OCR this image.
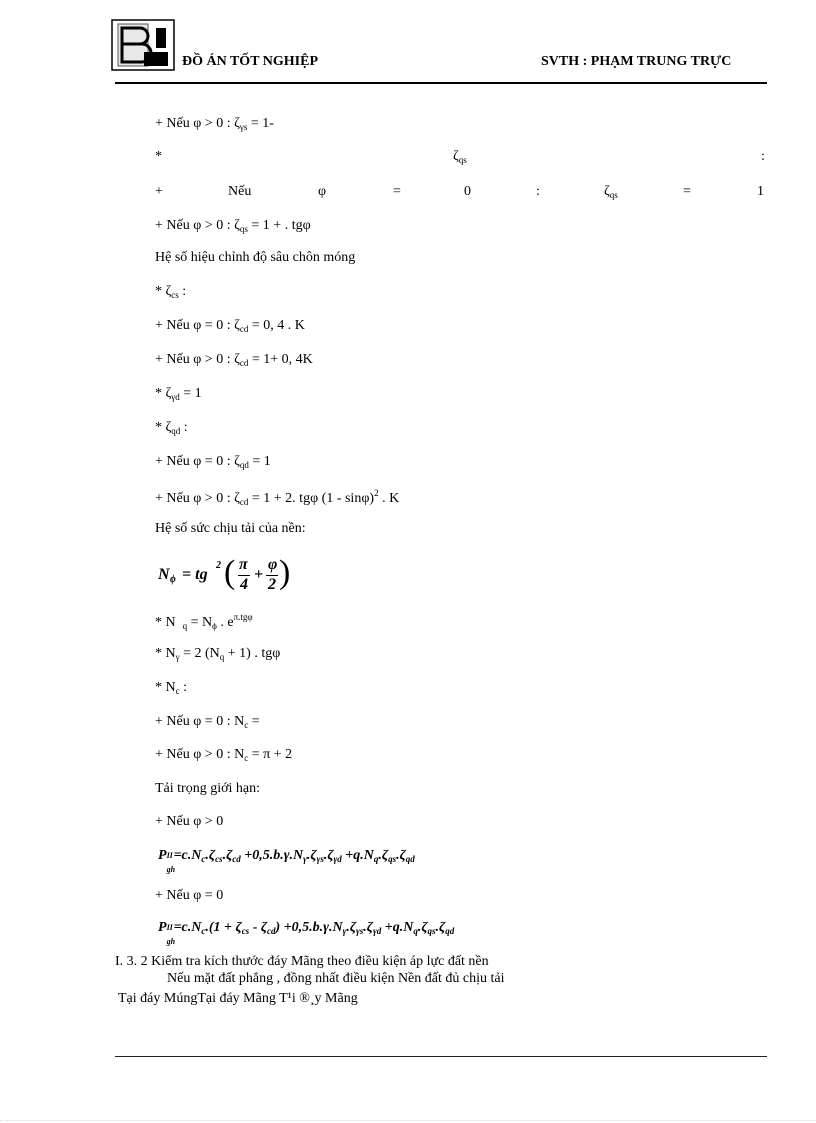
ĐỒ ÁN TỐT NGHIỆP	SVTH : PHẠM TRUNG TRỰC
+ Nếu φ > 0 : $\zeta_{\gamma s} = 1-$
*	$\zeta_{qs}$	:
+	Nếu	φ	=	0	:	$\zeta_{qs}$	=	1
+ Nếu φ > 0 : $\zeta_{qs} = 1$ + . tgφ
Hệ số hiệu chỉnh độ sâu chôn móng
* $\zeta_{cs}$ :
+ Nếu φ = 0 : $\zeta_{cd} = 0$, 4 . K
+ Nếu φ > 0 : $\zeta_{cd} = 1+ 0$, 4K
* $\zeta_{\gamma d} = 1$
* $\zeta_{qd}$ :
+ Nếu φ = 0 : $\zeta_{qd} = 1$
+ Nếu φ > 0 : $\zeta_{cd} = 1 + 2$. tgφ (1 - sinφ)$^2$ . K
Hệ số sức chịu tải của nền:
N ϕ = tg
2 ( π
4
+
φ
2 )
* N $_q = N_\phi$ . $e^{\pi.tg\varphi}$
* $N_\gamma = 2$ $(N_q + 1)$ . tgφ
* $N_c$ :
+ Nếu φ = 0 : $N_c$ =
+ Nếu φ > 0 : $N_c = \pi + 2$
Tải trọng giới hạn:
+ Nếu φ > 0
P II
gh
$=c.N_c.\zeta_{cs}.\zeta_{cd} +0,5.b.\gamma.N_\gamma.\zeta_{\gamma s}.\zeta_{\gamma d} +q.N_q.\zeta_{qs}.\zeta_{qd}$
+ Nếu φ = 0
P II
gh
$=c.N_c.(1 + \zeta_{cs} - \zeta_{cd}) +0,5.b.\gamma.N_\gamma.\zeta_{\gamma s}.\zeta_{\gamma d} +q.N_q.\zeta_{qs}.\zeta_{qd}$
I. 3. 2 Kiểm tra kích thước đáy Mãng theo điều kiện áp lực đất nền
Nếu mặt đất phẳng , đồng nhất điều kiện Nền đất đủ chịu tải
Tại đáy MúngTại đáy Mãng T¹i ®¸y Mãng
